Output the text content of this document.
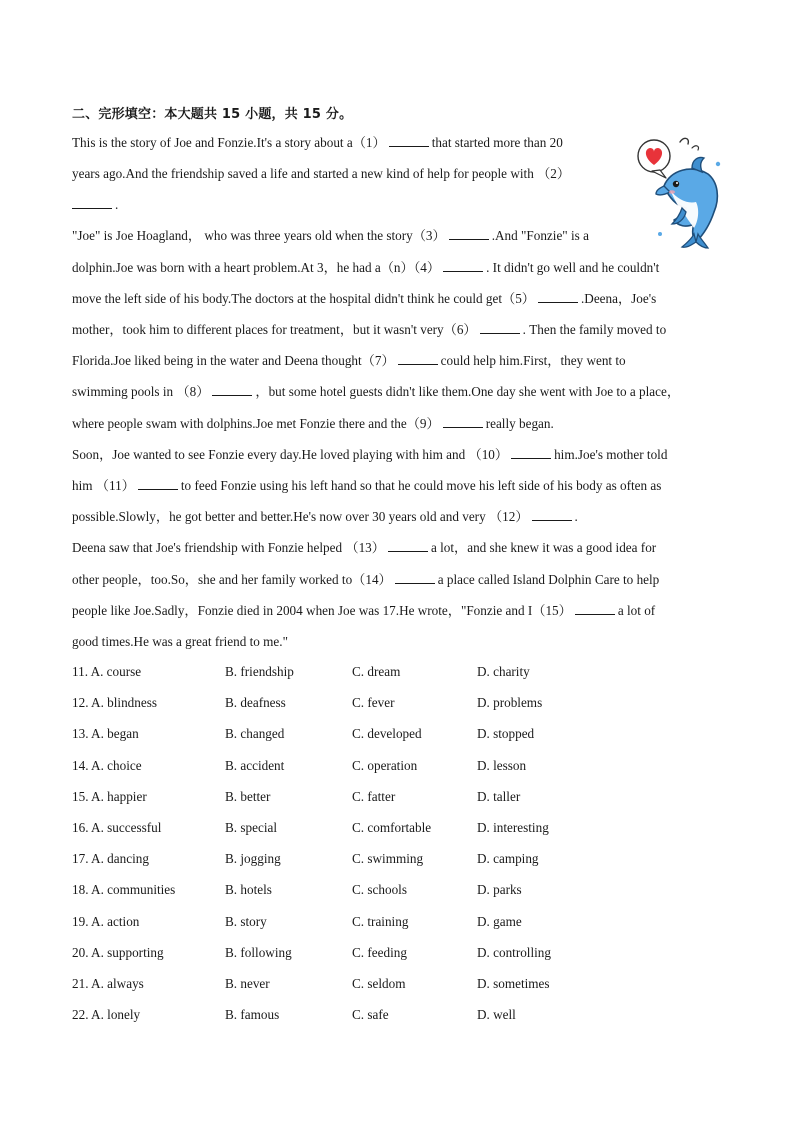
二、完形填空：本大题共 15 小题，共 15 分。
This is the story of Joe and Fonzie.It's a story about a（1）	that started more than 20
years ago.And the friendship saved a life and started a new kind of help for people with （2）
.
"Joe" is Joe Hoagland， who was three years old when the story（3）	.And "Fonzie" is a
dolphin.Joe was born with a heart problem.At 3，he had a（n）（4）	. It didn't go well and he couldn't
move the left side of his body.The doctors at the hospital didn't think he could get（5）	.Deena，Joe's
mother，took him to different places for treatment，but it wasn't very（6）	. Then the family moved to
Florida.Joe liked being in the water and Deena thought（7）	could help him.First，they went to
swimming pools in （8）	，but some hotel guests didn't like them.One day she went with Joe to a place，
where people swam with dolphins.Joe met Fonzie there and the（9）	really began.
Soon，Joe wanted to see Fonzie every day.He loved playing with him and （10）	him.Joe's mother told
him （11）	to feed Fonzie using his left hand so that he could move his left side of his body as often as
possible.Slowly，he got better and better.He's now over 30 years old and very （12）	.
Deena saw that Joe's friendship with Fonzie helped （13）	a lot，and she knew it was a good idea for
other people，too.So，she and her family worked to（14）	a place called Island Dolphin Care to help
people like Joe.Sadly，Fonzie died in 2004 when Joe was 17.He wrote，"Fonzie and I（15）	a lot of
good times.He was a great friend to me."
11. A. course	B. friendship	C. dream	D. charity
12. A. blindness	B. deafness	C. fever	D. problems
13. A. began	B. changed	C. developed	D. stopped
14. A. choice	B. accident	C. operation	D. lesson
15. A. happier	B. better	C. fatter	D. taller
16. A. successful	B. special	C. comfortable	D. interesting
17. A. dancing	B. jogging	C. swimming	D. camping
18. A. communities	B. hotels	C. schools	D. parks
19. A. action	B. story	C. training	D. game
20. A. supporting	B. following	C. feeding	D. controlling
21. A. always	B. never	C. seldom	D. sometimes
22. A. lonely	B. famous	C. safe	D. well
